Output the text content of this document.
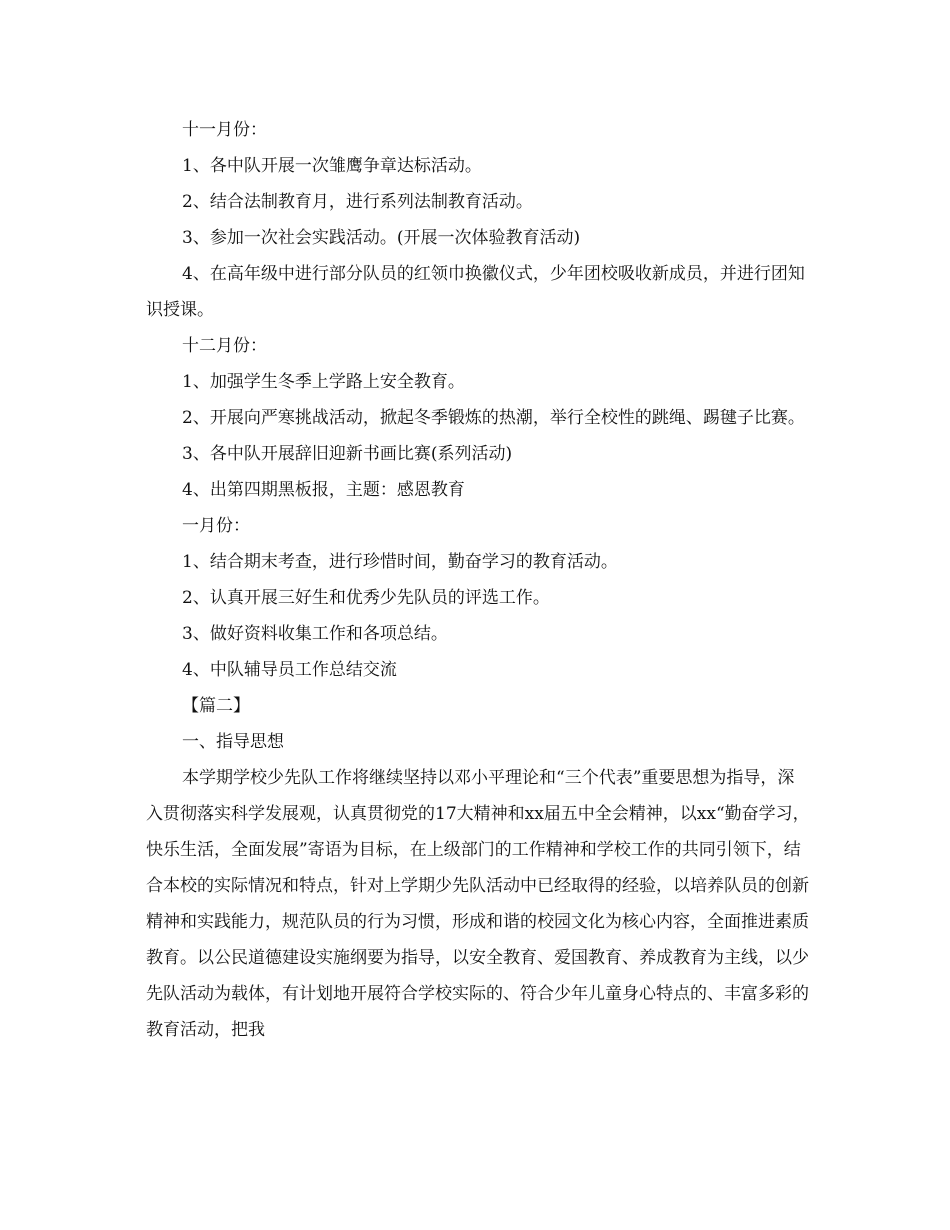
十一月份：

1、各中队开展一次雏鹰争章达标活动。

2、结合法制教育月，进行系列法制教育活动。

3、参加一次社会实践活动。(开展一次体验教育活动)

4、在高年级中进行部分队员的红领巾换徽仪式，少年团校吸收新成员，并进行团知识授课。

十二月份：

1、加强学生冬季上学路上安全教育。

2、开展向严寒挑战活动，掀起冬季锻炼的热潮，举行全校性的跳绳、踢毽子比赛。

3、各中队开展辞旧迎新书画比赛(系列活动)

4、出第四期黑板报，主题：感恩教育

一月份：

1、结合期末考查，进行珍惜时间，勤奋学习的教育活动。

2、认真开展三好生和优秀少先队员的评选工作。

3、做好资料收集工作和各项总结。

4、中队辅导员工作总结交流

【篇二】

一、指导思想

本学期学校少先队工作将继续坚持以邓小平理论和“三个代表”重要思想为指导，深入贯彻落实科学发展观，认真贯彻党的17大精神和xx届五中全会精神，以xx“勤奋学习，快乐生活，全面发展”寄语为目标，在上级部门的工作精神和学校工作的共同引领下，结合本校的实际情况和特点，针对上学期少先队活动中已经取得的经验，以培养队员的创新精神和实践能力，规范队员的行为习惯，形成和谐的校园文化为核心内容，全面推进素质教育。以公民道德建设实施纲要为指导，以安全教育、爱国教育、养成教育为主线，以少先队活动为载体，有计划地开展符合学校实际的、符合少年儿童身心特点的、丰富多彩的教育活动，把我
